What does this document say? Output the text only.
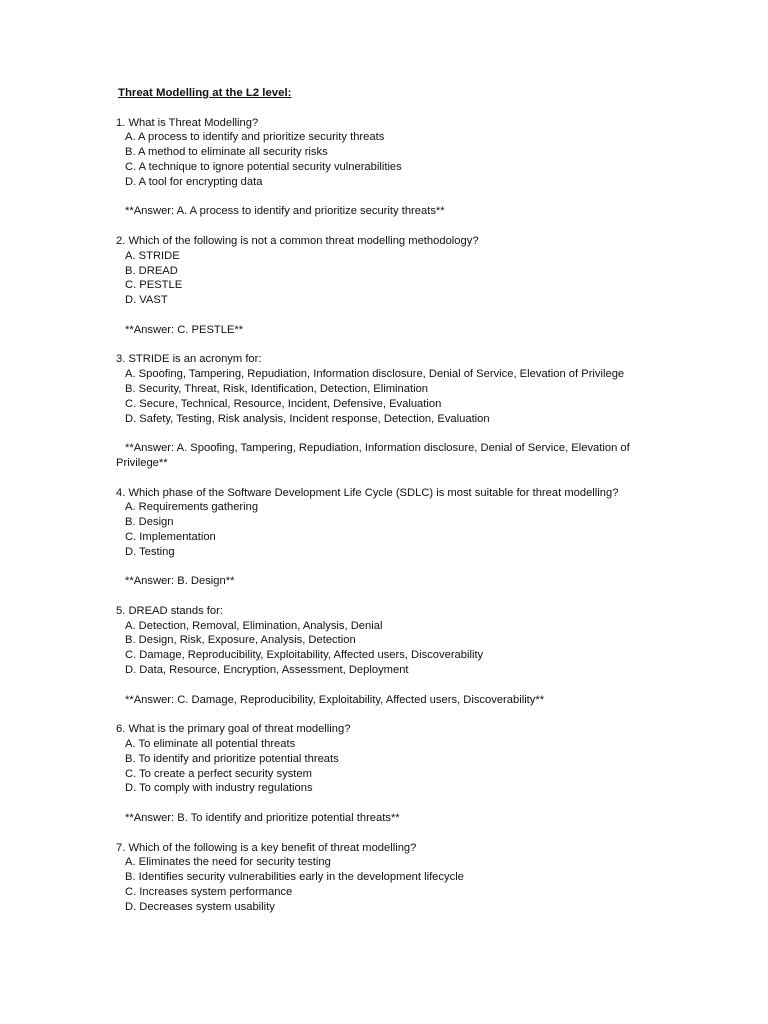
Threat Modelling at the L2 level:
1. What is Threat Modelling?
A. A process to identify and prioritize security threats
B. A method to eliminate all security risks
C. A technique to ignore potential security vulnerabilities
D. A tool for encrypting data
**Answer: A. A process to identify and prioritize security threats**
2. Which of the following is not a common threat modelling methodology?
A. STRIDE
B. DREAD
C. PESTLE
D. VAST
**Answer: C. PESTLE**
3. STRIDE is an acronym for:
A. Spoofing, Tampering, Repudiation, Information disclosure, Denial of Service, Elevation of Privilege
B. Security, Threat, Risk, Identification, Detection, Elimination
C. Secure, Technical, Resource, Incident, Defensive, Evaluation
D. Safety, Testing, Risk analysis, Incident response, Detection, Evaluation
**Answer: A. Spoofing, Tampering, Repudiation, Information disclosure, Denial of Service, Elevation of Privilege**
4. Which phase of the Software Development Life Cycle (SDLC) is most suitable for threat modelling?
A. Requirements gathering
B. Design
C. Implementation
D. Testing
**Answer: B. Design**
5. DREAD stands for:
A. Detection, Removal, Elimination, Analysis, Denial
B. Design, Risk, Exposure, Analysis, Detection
C. Damage, Reproducibility, Exploitability, Affected users, Discoverability
D. Data, Resource, Encryption, Assessment, Deployment
**Answer: C. Damage, Reproducibility, Exploitability, Affected users, Discoverability**
6. What is the primary goal of threat modelling?
A. To eliminate all potential threats
B. To identify and prioritize potential threats
C. To create a perfect security system
D. To comply with industry regulations
**Answer: B. To identify and prioritize potential threats**
7. Which of the following is a key benefit of threat modelling?
A. Eliminates the need for security testing
B. Identifies security vulnerabilities early in the development lifecycle
C. Increases system performance
D. Decreases system usability
